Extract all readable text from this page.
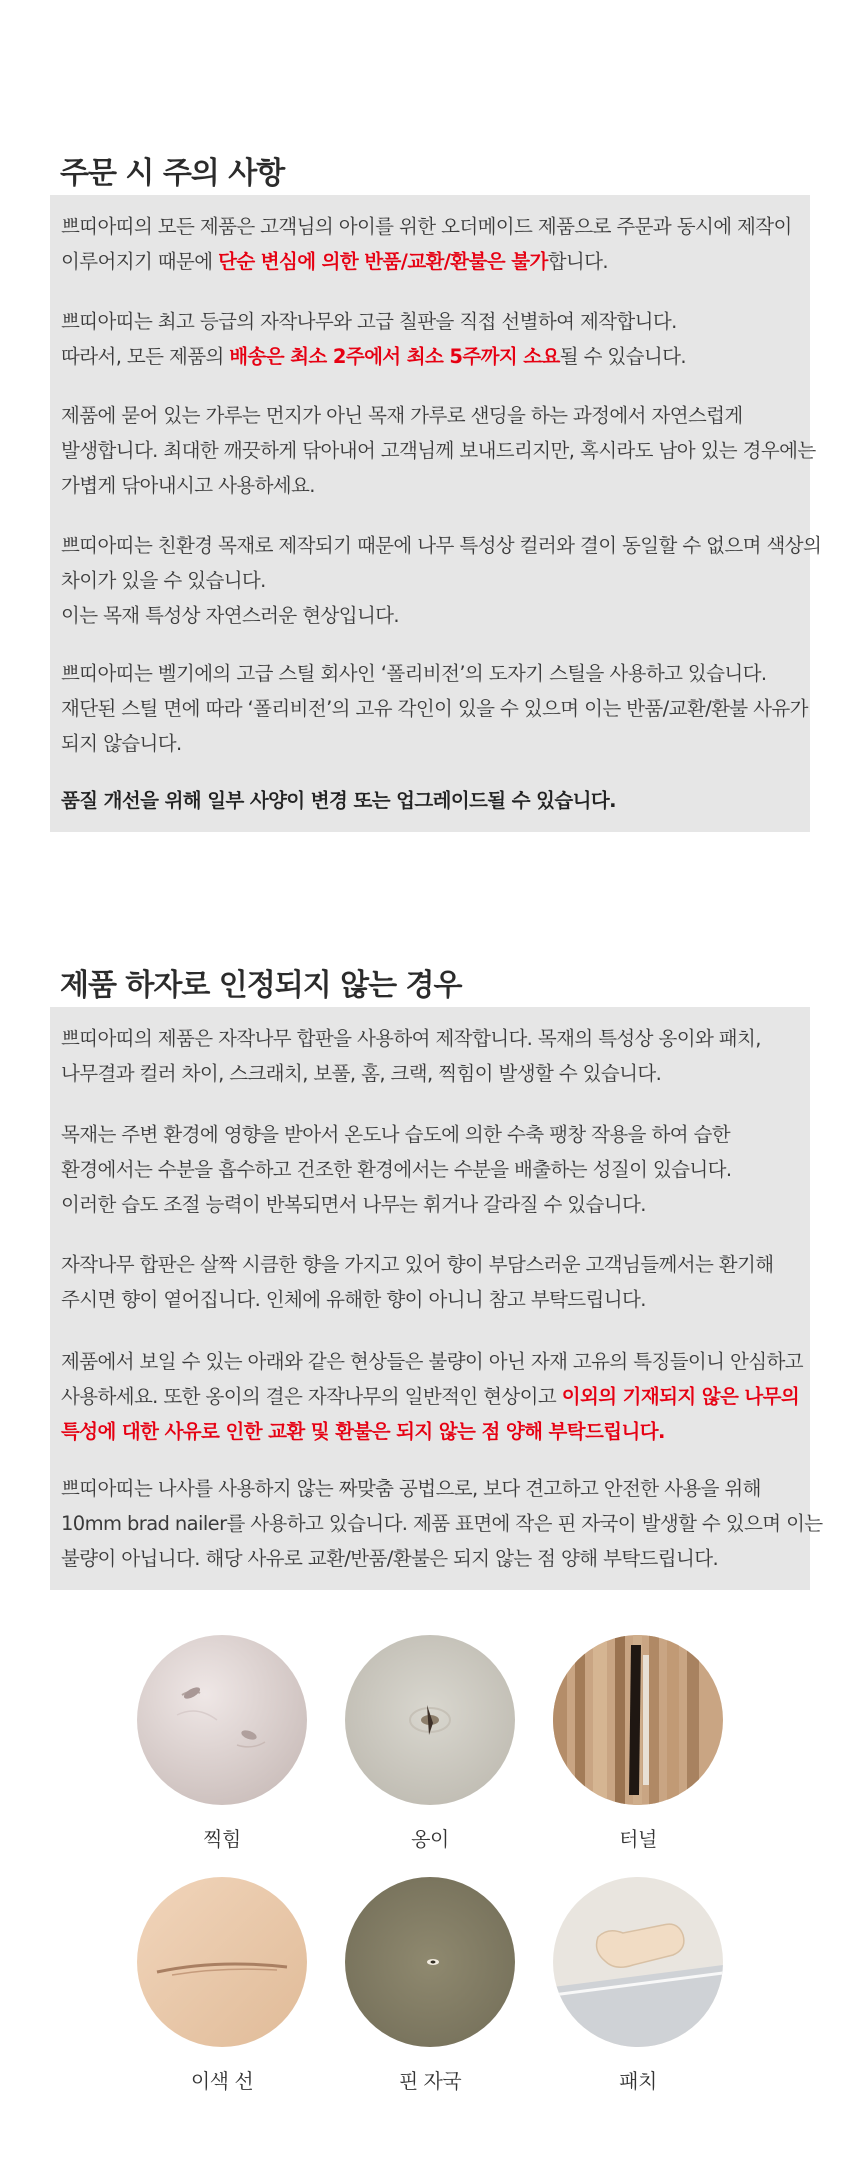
주문 시 주의 사항

쁘띠아띠의 모든 제품은 고객님의 아이를 위한 오더메이드 제품으로 주문과 동시에 제작이

이루어지기 때문에 단순 변심에 의한 반품/교환/환불은 불가합니다.

쁘띠아띠는 최고 등급의 자작나무와 고급 칠판을 직접 선별하여 제작합니다.

따라서, 모든 제품의 배송은 최소 2주에서 최소 5주까지 소요될 수 있습니다.

제품에 묻어 있는 가루는 먼지가 아닌 목재 가루로 샌딩을 하는 과정에서 자연스럽게

발생합니다. 최대한 깨끗하게 닦아내어 고객님께 보내드리지만, 혹시라도 남아 있는 경우에는

가볍게 닦아내시고 사용하세요.

쁘띠아띠는 친환경 목재로 제작되기 때문에 나무 특성상 컬러와 결이 동일할 수 없으며 색상의

차이가 있을 수 있습니다.

이는 목재 특성상 자연스러운 현상입니다.

쁘띠아띠는 벨기에의 고급 스틸 회사인 ‘폴리비전’의 도자기 스틸을 사용하고 있습니다.

재단된 스틸 면에 따라 ‘폴리비전’의 고유 각인이 있을 수 있으며 이는 반품/교환/환불 사유가

되지 않습니다.

품질 개선을 위해 일부 사양이 변경 또는 업그레이드될 수 있습니다.

제품 하자로 인정되지 않는 경우

쁘띠아띠의 제품은 자작나무 합판을 사용하여 제작합니다. 목재의 특성상 옹이와 패치,

나무결과 컬러 차이, 스크래치, 보풀, 홈, 크랙, 찍힘이 발생할 수 있습니다.

목재는 주변 환경에 영향을 받아서 온도나 습도에 의한 수축 팽창 작용을 하여 습한

환경에서는 수분을 흡수하고 건조한 환경에서는 수분을 배출하는 성질이 있습니다.

이러한 습도 조절 능력이 반복되면서 나무는 휘거나 갈라질 수 있습니다.

자작나무 합판은 살짝 시큼한 향을 가지고 있어 향이 부담스러운 고객님들께서는 환기해

주시면 향이 옅어집니다. 인체에 유해한 향이 아니니 참고 부탁드립니다.

제품에서 보일 수 있는 아래와 같은 현상들은 불량이 아닌 자재 고유의 특징들이니 안심하고

사용하세요. 또한 옹이의 결은 자작나무의 일반적인 현상이고 이외의 기재되지 않은 나무의

특성에 대한 사유로 인한 교환 및 환불은 되지 않는 점 양해 부탁드립니다.

쁘띠아띠는 나사를 사용하지 않는 짜맞춤 공법으로, 보다 견고하고 안전한 사용을 위해

10mm brad nailer를 사용하고 있습니다. 제품 표면에 작은 핀 자국이 발생할 수 있으며 이는

불량이 아닙니다. 해당 사유로 교환/반품/환불은 되지 않는 점 양해 부탁드립니다.

찍힘	옹이	터널
이색 선	핀 자국	패치
